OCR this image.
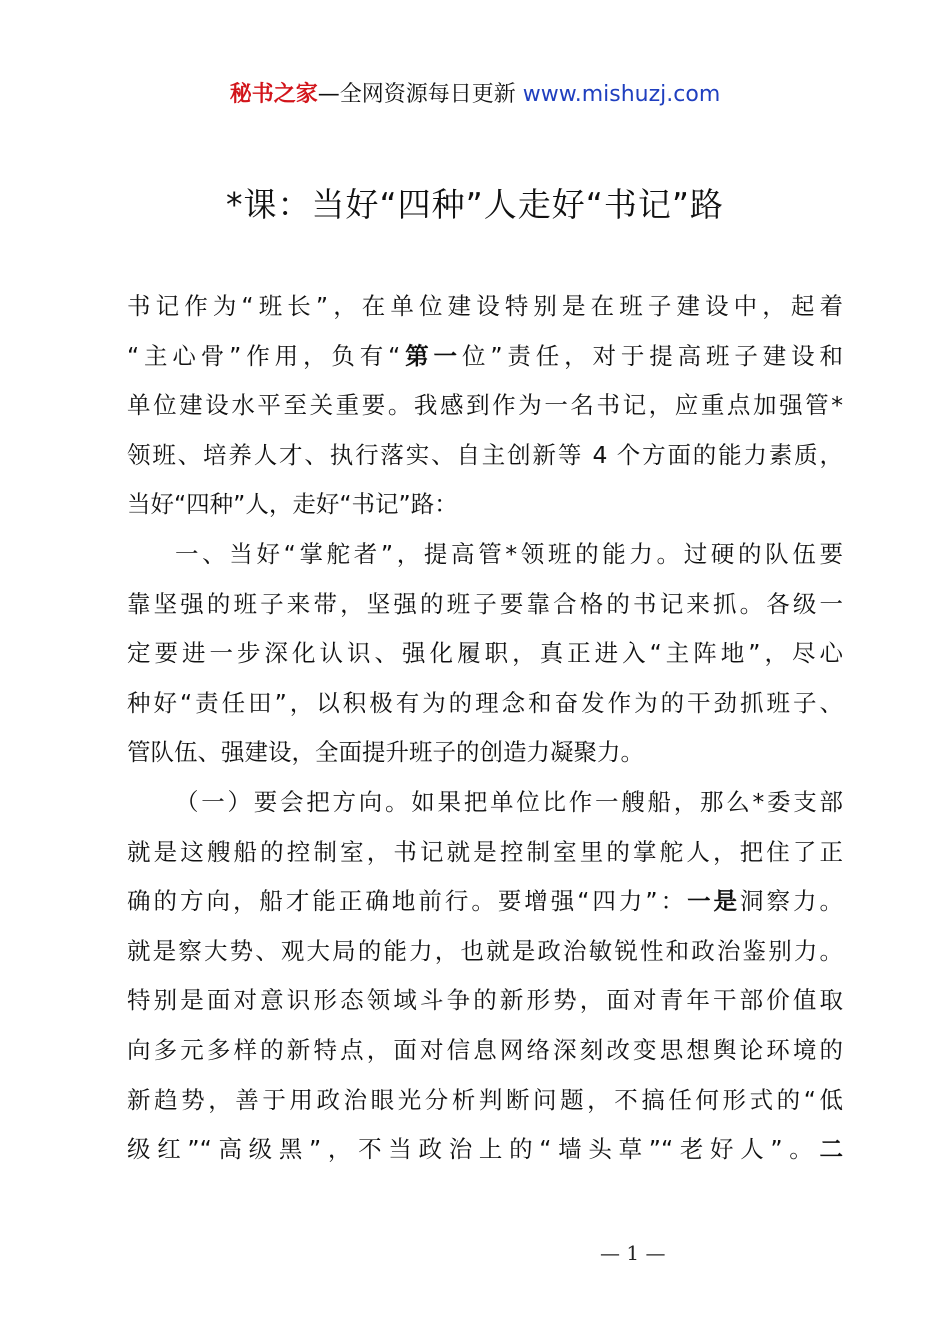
秘书之家—全网资源每日更新 www.mishuzj.com
*课：当好“四种”人走好“书记”路
书记作为“班长”，在单位建设特别是在班子建设中，起着
“主心骨”作用，负有“第一位”责任，对于提高班子建设和
单位建设水平至关重要。我感到作为一名书记，应重点加强管*
领班、培养人才、执行落实、自主创新等 4 个方面的能力素质，
当好“四种”人，走好“书记”路：
一、当好“掌舵者”，提高管*领班的能力。过硬的队伍要
靠坚强的班子来带，坚强的班子要靠合格的书记来抓。各级一
定要进一步深化认识、强化履职，真正进入“主阵地”，尽心
种好“责任田”，以积极有为的理念和奋发作为的干劲抓班子、
管队伍、强建设，全面提升班子的创造力凝聚力。
（一）要会把方向。如果把单位比作一艘船，那么*委支部
就是这艘船的控制室，书记就是控制室里的掌舵人，把住了正
确的方向，船才能正确地前行。要增强“四力”：一是洞察力。
就是察大势、观大局的能力，也就是政治敏锐性和政治鉴别力。
特别是面对意识形态领域斗争的新形势，面对青年干部价值取
向多元多样的新特点，面对信息网络深刻改变思想舆论环境的
新趋势，善于用政治眼光分析判断问题，不搞任何形式的“低
级红”“高级黑”，不当政治上的“墙头草”“老好人”。二
— 1 —
